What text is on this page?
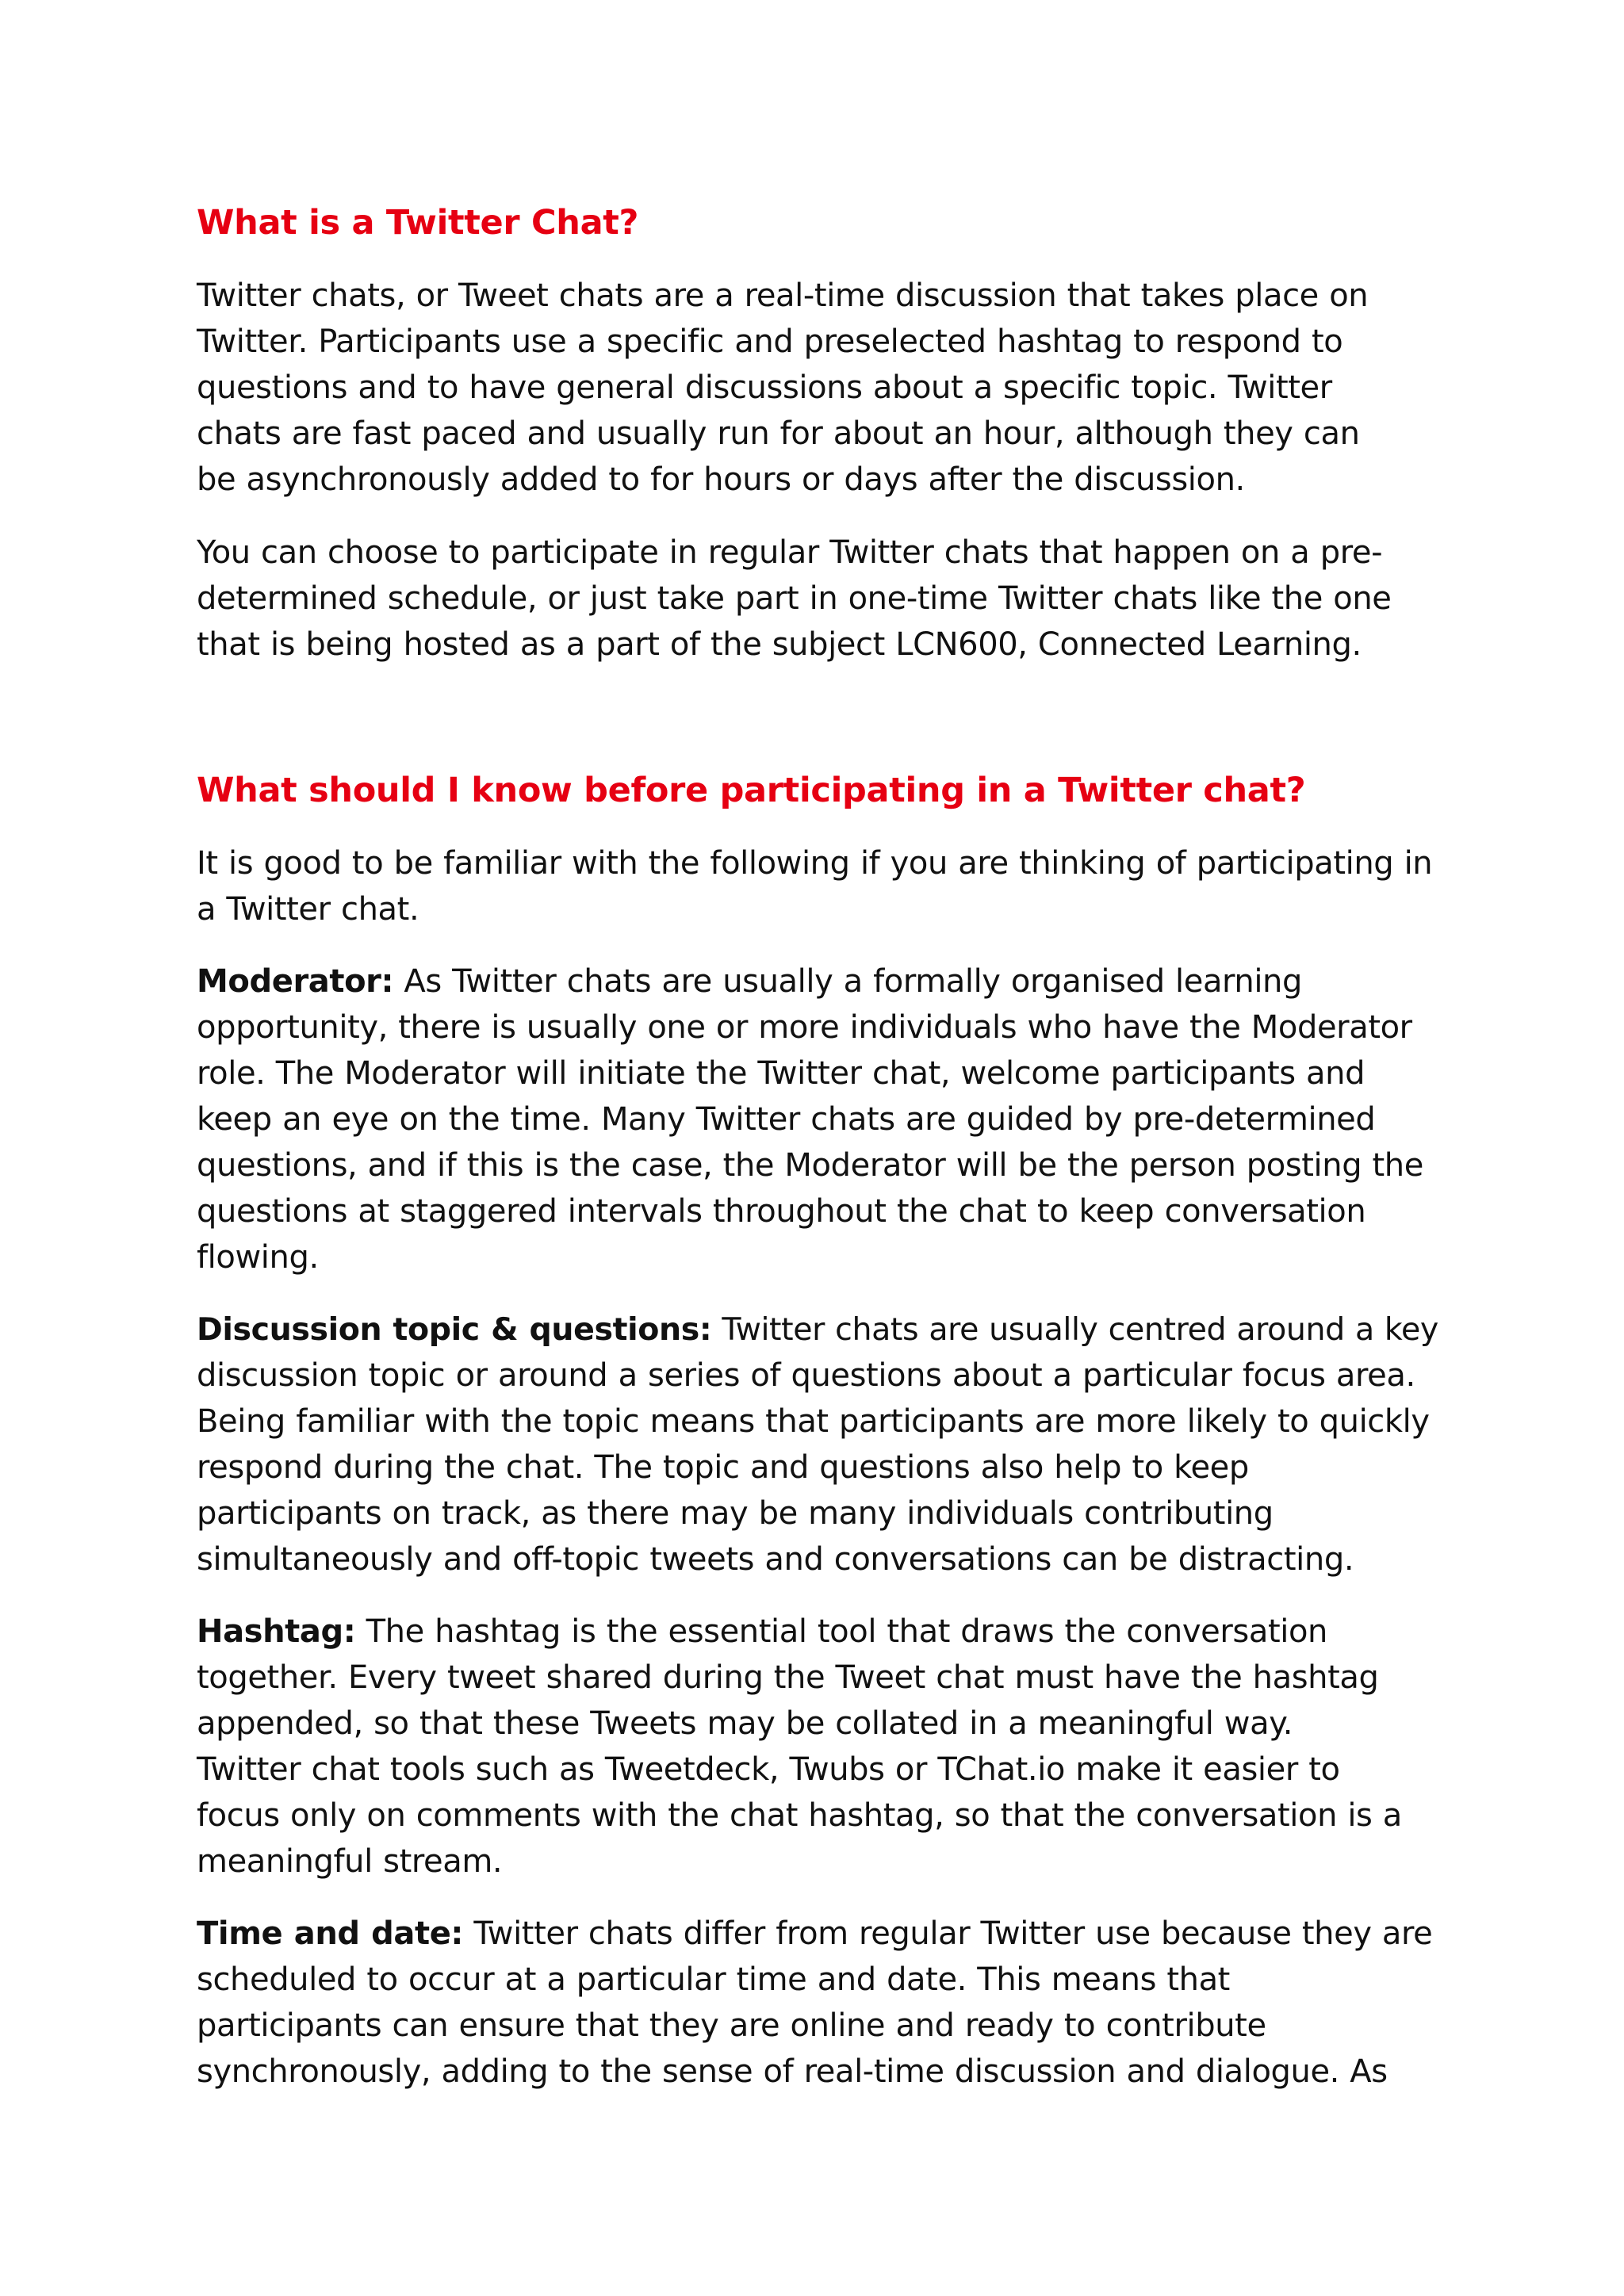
What is a Twitter Chat?

Twitter chats, or Tweet chats are a real-time discussion that takes place on
Twitter. Participants use a specific and preselected hashtag to respond to
questions and to have general discussions about a specific topic. Twitter
chats are fast paced and usually run for about an hour, although they can
be asynchronously added to for hours or days after the discussion.

You can choose to participate in regular Twitter chats that happen on a pre-
determined schedule, or just take part in one-time Twitter chats like the one
that is being hosted as a part of the subject LCN600, Connected Learning.

What should I know before participating in a Twitter chat?

It is good to be familiar with the following if you are thinking of participating in
a Twitter chat.

Moderator: As Twitter chats are usually a formally organised learning
opportunity, there is usually one or more individuals who have the Moderator
role. The Moderator will initiate the Twitter chat, welcome participants and
keep an eye on the time. Many Twitter chats are guided by pre-determined
questions, and if this is the case, the Moderator will be the person posting the
questions at staggered intervals throughout the chat to keep conversation
flowing.

Discussion topic & questions: Twitter chats are usually centred around a key
discussion topic or around a series of questions about a particular focus area.
Being familiar with the topic means that participants are more likely to quickly
respond during the chat. The topic and questions also help to keep
participants on track, as there may be many individuals contributing
simultaneously and off-topic tweets and conversations can be distracting.

Hashtag: The hashtag is the essential tool that draws the conversation
together. Every tweet shared during the Tweet chat must have the hashtag
appended, so that these Tweets may be collated in a meaningful way.
Twitter chat tools such as Tweetdeck, Twubs or TChat.io make it easier to
focus only on comments with the chat hashtag, so that the conversation is a
meaningful stream.

Time and date: Twitter chats differ from regular Twitter use because they are
scheduled to occur at a particular time and date. This means that
participants can ensure that they are online and ready to contribute
synchronously, adding to the sense of real-time discussion and dialogue. As
